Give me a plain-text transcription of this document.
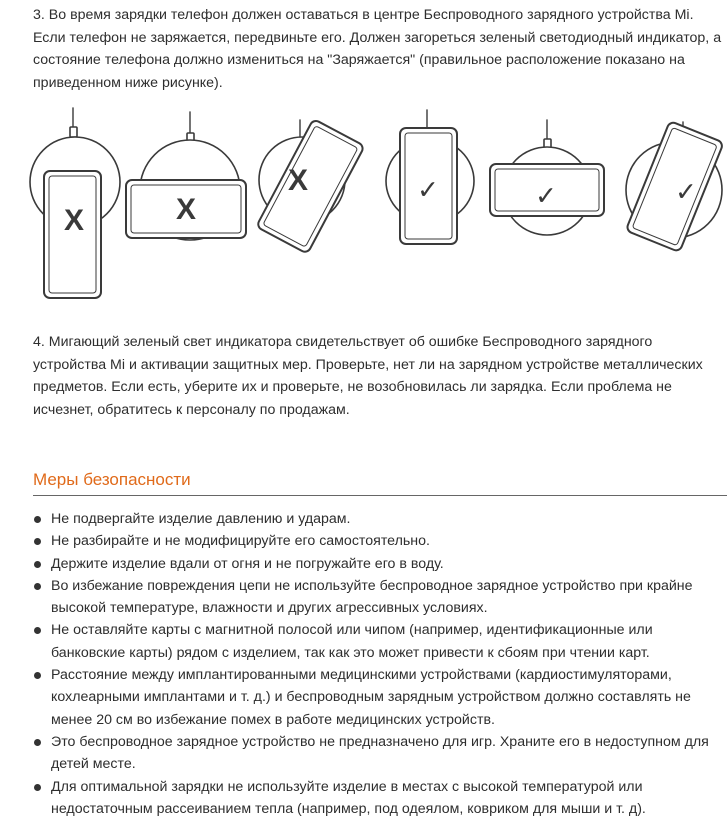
3. Во время зарядки телефон должен оставаться в центре Беспроводного зарядного устройства Mi. Если телефон не заряжается, передвиньте его. Должен загореться зеленый светодиодный индикатор, а состояние телефона должно измениться на "Заряжается" (правильное расположение показано на приведенном ниже рисунке).

X	X
X	✓	✓	✓

4. Мигающий зеленый свет индикатора свидетельствует об ошибке Беспроводного зарядного устройства Mi и активации защитных мер. Проверьте, нет ли на зарядном устройстве металлических предметов. Если есть, уберите их и проверьте, не возобновилась ли зарядка. Если проблема не исчезнет, обратитесь к персоналу по продажам.

Меры безопасности
Не подвергайте изделие давлению и ударам.
Не разбирайте и не модифицируйте его самостоятельно.
Держите изделие вдали от огня и не погружайте его в воду.
Во избежание повреждения цепи не используйте беспроводное зарядное устройство при крайне высокой температуре, влажности и других агрессивных условиях.
Не оставляйте карты с магнитной полосой или чипом (например, идентификационные или банковские карты) рядом с изделием, так как это может привести к сбоям при чтении карт.
Расстояние между имплантированными медицинскими устройствами (кардиостимуляторами, кохлеарными имплантами и т. д.) и беспроводным зарядным устройством должно составлять не менее 20 см во избежание помех в работе медицинских устройств.
Это беспроводное зарядное устройство не предназначено для игр. Храните его в недоступном для детей месте.
Для оптимальной зарядки не используйте изделие в местах с высокой температурой или недостаточным рассеиванием тепла (например, под одеялом, ковриком для мыши и т. д).
